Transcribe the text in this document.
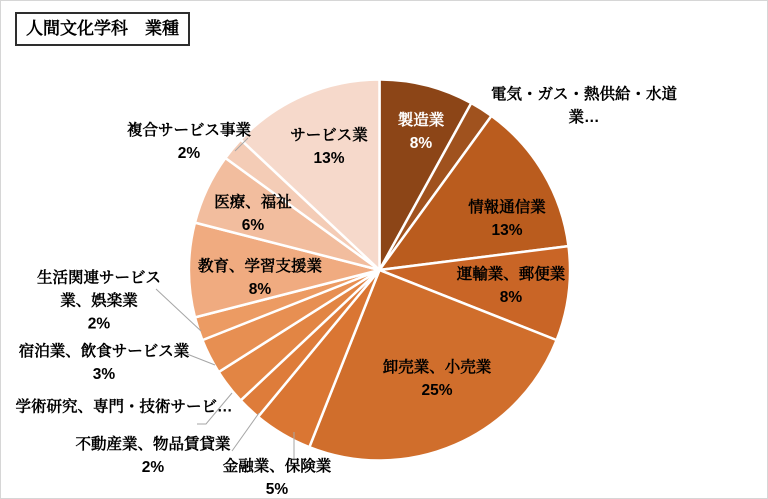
人間文化学科　業種
製造業
8%
電気・ガス・熱供給・水道
業…
情報通信業
13%
運輸業、郵便業
8%
卸売業、小売業
25%
金融業、保険業
5%
不動産業、物品賃貸業
2%
学術研究、専門・技術サービ…
宿泊業、飲食サービス業
3%
生活関連サービス
業、娯楽業
2%
教育、学習支援業
8%
医療、福祉
6%
複合サービス事業
2%
サービス業
13%
